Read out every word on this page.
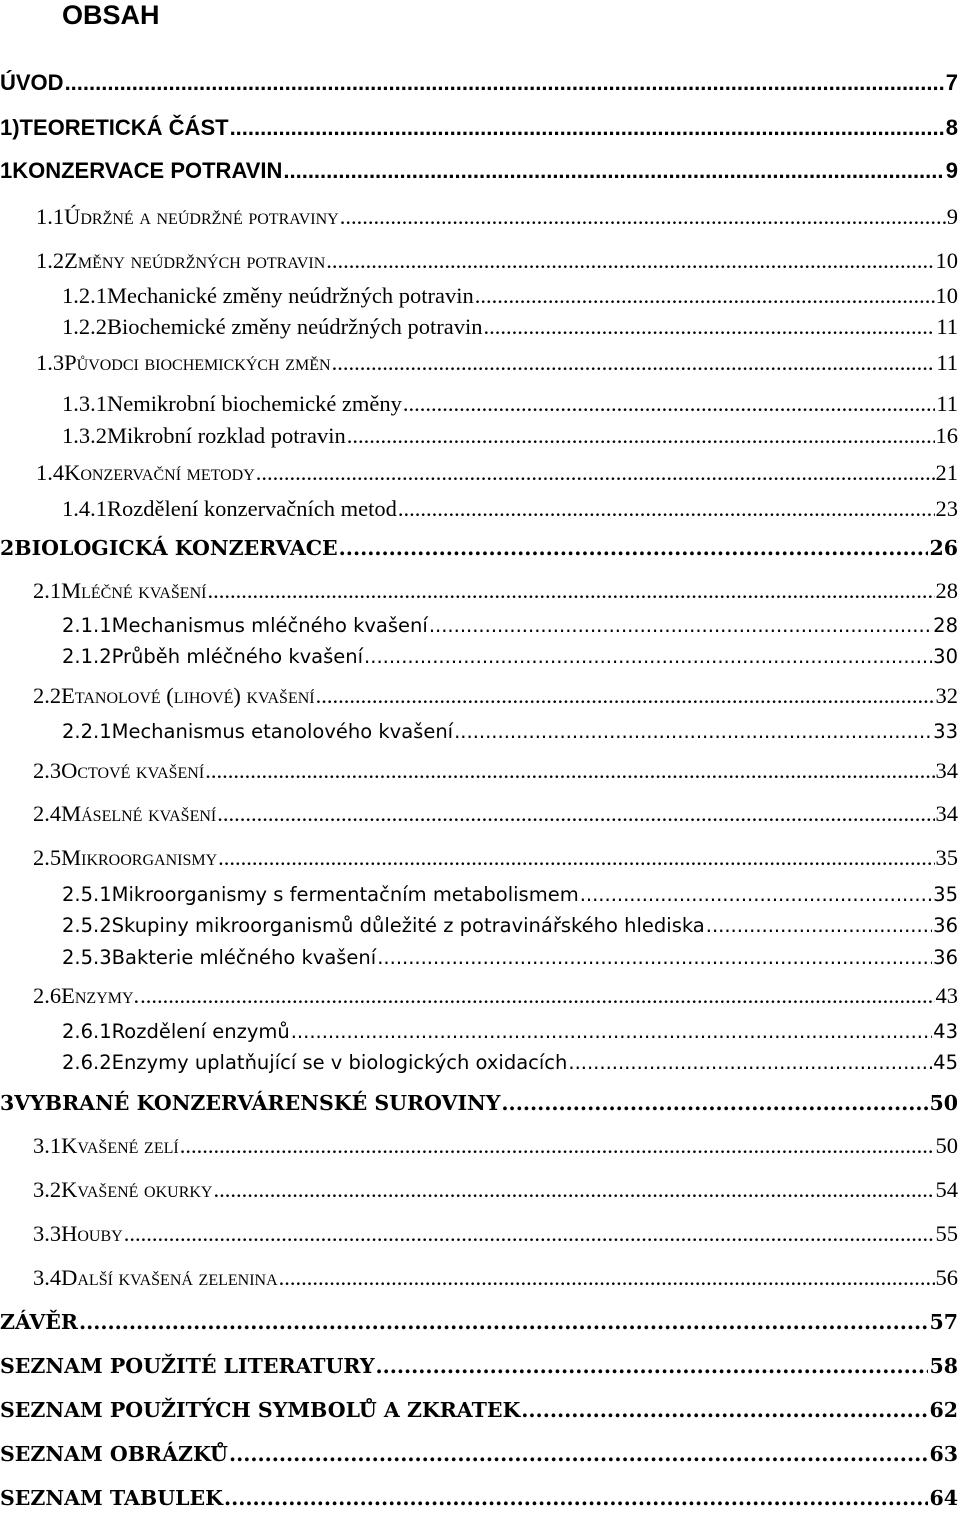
OBSAH
ÚVOD .....	7
1)TEORETICKÁ ČÁST .....	8
1KONZERVACE POTRAVIN .....	9
1.1Údržné a neúdržné potraviny .....	9
1.2Změny neúdržných potravin .....	10
1.2.1Mechanické změny neúdržných potravin .....	10
1.2.2Biochemické změny neúdržných potravin .....	11
1.3Původci biochemických změn .....	11
1.3.1Nemikrobní biochemické změny .....	11
1.3.2Mikrobní rozklad potravin .....	16
1.4Konzervační metody .....	21
1.4.1Rozdělení konzervačních metod .....	23
2BIOLOGICKÁ KONZERVACE .....	26
2.1Mléčné kvašení .....	28
2.1.1Mechanismus mléčného kvašení .....	28
2.1.2Průběh mléčného kvašení .....	30
2.2Etanolové (lihové) kvašení .....	32
2.2.1Mechanismus etanolového kvašení .....	33
2.3Octové kvašení .....	34
2.4Máselné kvašení .....	34
2.5Mikroorganismy .....	35
2.5.1Mikroorganismy s fermentačním metabolismem .....	35
2.5.2Skupiny mikroorganismů důležité z potravinářského hlediska .....	36
2.5.3Bakterie mléčného kvašení .....	36
2.6Enzymy. .....	43
2.6.1Rozdělení enzymů .....	43
2.6.2Enzymy uplatňující se v biologických oxidacích .....	45
3VYBRANÉ KONZERVÁRENSKÉ SUROVINY .....	50
3.1Kvašené zelí .....	50
3.2Kvašené okurky .....	54
3.3Houby .....	55
3.4Další kvašená zelenina .....	56
ZÁVĚR .....	57
SEZNAM POUŽITÉ LITERATURY .....	58
SEZNAM POUŽITÝCH SYMBOLŮ A ZKRATEK .....	62
SEZNAM OBRÁZKŮ .....	63
SEZNAM TABULEK .....	64
